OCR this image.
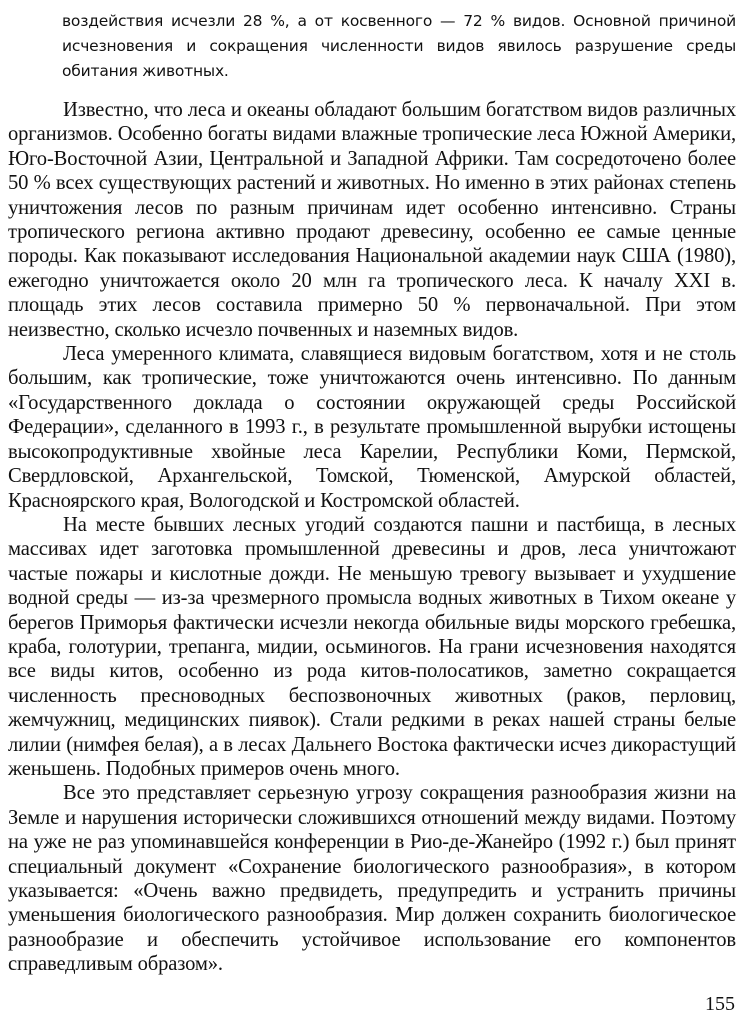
воздействия исчезли 28 %, а от косвенного — 72 % видов. Основной причиной исчезновения и сокращения численности видов явилось разрушение среды обитания животных.

Известно, что леса и океаны обладают большим богатством видов различных организмов. Особенно богаты видами влажные тропические леса Южной Америки, Юго-Восточной Азии, Центральной и Западной Африки. Там сосредоточено более 50 % всех существующих растений и животных. Но именно в этих районах степень уничтожения лесов по разным причинам идет особенно интенсивно. Страны тропического региона активно продают древесину, особенно ее самые ценные породы. Как показывают исследования Национальной академии наук США (1980), ежегодно уничтожается около 20 млн га тропического леса. К началу XXI в. площадь этих лесов составила примерно 50 % первоначальной. При этом неизвестно, сколько исчезло почвенных и наземных видов.

Леса умеренного климата, славящиеся видовым богатством, хотя и не столь большим, как тропические, тоже уничтожаются очень интенсивно. По данным «Государственного доклада о состоянии окружающей среды Российской Федерации», сделанного в 1993 г., в результате промышленной вырубки истощены высокопродуктивные хвойные леса Карелии, Республики Коми, Пермской, Свердловской, Архангельской, Томской, Тюменской, Амурской областей, Красноярского края, Вологодской и Костромской областей.

На месте бывших лесных угодий создаются пашни и пастбища, в лесных массивах идет заготовка промышленной древесины и дров, леса уничтожают частые пожары и кислотные дожди. Не меньшую тревогу вызывает и ухудшение водной среды — из-за чрезмерного промысла водных животных в Тихом океане у берегов Приморья фактически исчезли некогда обильные виды морского гребешка, краба, голотурии, трепанга, мидии, осьминогов. На грани исчезновения находятся все виды китов, особенно из рода китов-полосатиков, заметно сокращается численность пресноводных беспозвоночных животных (раков, перловиц, жемчужниц, медицинских пиявок). Стали редкими в реках нашей страны белые лилии (нимфея белая), а в лесах Дальнего Востока фактически исчез дикорастущий женьшень. Подобных примеров очень много.

Все это представляет серьезную угрозу сокращения разнообразия жизни на Земле и нарушения исторически сложившихся отношений между видами. Поэтому на уже не раз упоминавшейся конференции в Рио-де-Жанейро (1992 г.) был принят специальный документ «Сохранение биологического разнообразия», в котором указывается: «Очень важно предвидеть, предупредить и устранить причины уменьшения биологического разнообразия. Мир должен сохранить биологическое разнообразие и обеспечить устойчивое использование его компонентов справедливым образом».

155
